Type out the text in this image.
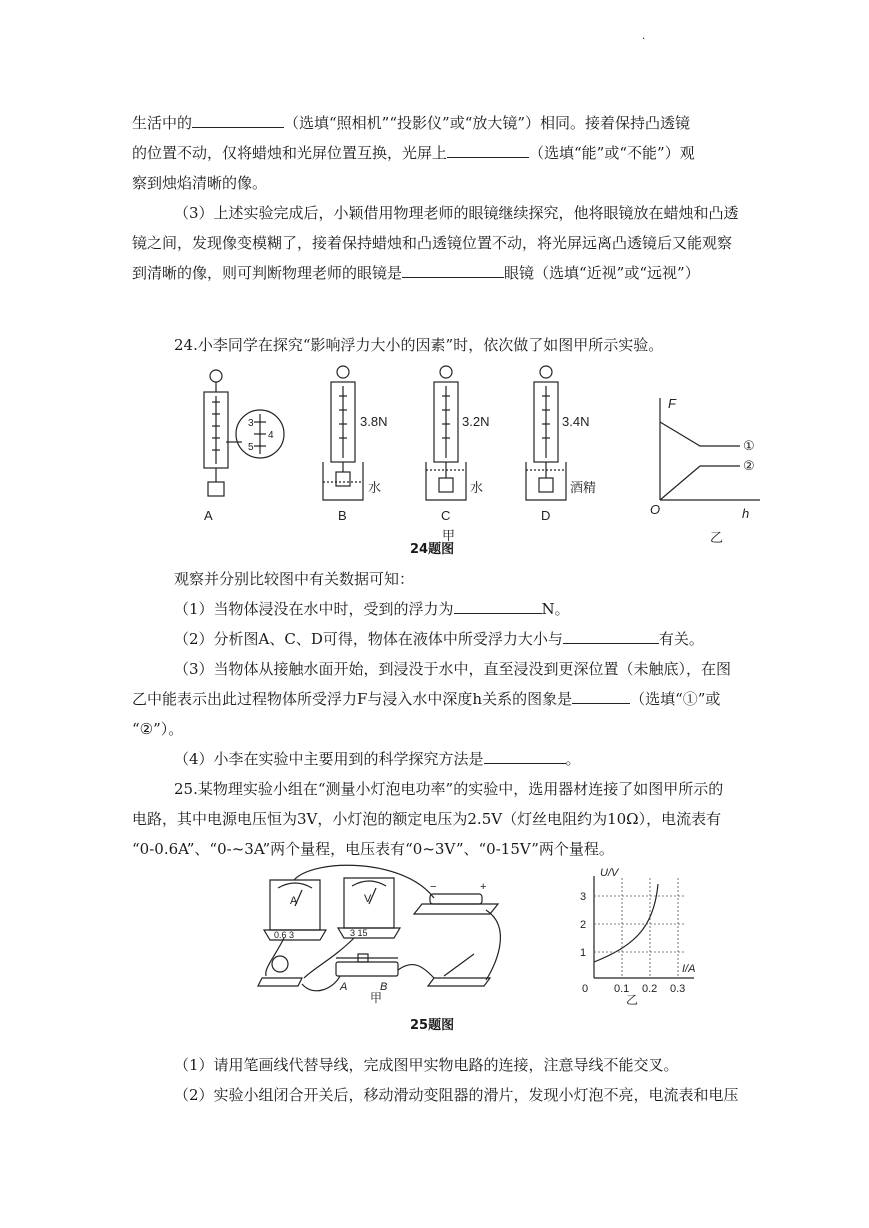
·
生活中的	（选填“照相机”“投影仪”或“放大镜”）相同。接着保持凸透镜
的位置不动，仅将蜡烛和光屏位置互换，光屏上	（选填“能”或“不能”）观
察到烛焰清晰的像。
（3）上述实验完成后，小颖借用物理老师的眼镜继续探究，他将眼镜放在蜡烛和凸透
镜之间，发现像变模糊了，接着保持蜡烛和凸透镜位置不动，将光屏远离凸透镜后又能观察
到清晰的像，则可判断物理老师的眼镜是	眼镜（选填“近视”或“远视”）
24.小李同学在探究“影响浮力大小的因素”时，依次做了如图甲所示实验。
A	B	C	D
3.8N	3.2N	3.4N
水	水	酒精
甲	乙
F
h
O
①
②
3
4
5
24题图
观察并分别比较图中有关数据可知：
（1）当物体浸没在水中时，受到的浮力为	N。
（2）分析图A、C、D可得，物体在液体中所受浮力大小与	有关。
（3）当物体从接触水面开始，到浸没于水中，直至浸没到更深位置（未触底），在图
乙中能表示出此过程物体所受浮力F与浸入水中深度h关系的图象是	（选填“①”或
“②”）。
（4）小李在实验中主要用到的科学探究方法是	。
25.某物理实验小组在“测量小灯泡电功率”的实验中，选用器材连接了如图甲所示的
电路，其中电源电压恒为3V，小灯泡的额定电压为2.5V（灯丝电阻约为10Ω），电流表有
“0-0.6A”、“0-~3A”两个量程，电压表有“0~3V”、“0-15V”两个量程。
A	V
0.6 3	3 15
−	+
A	B
甲
U/V
I/A
1
2
3
0 0.1 0.2 0.3
乙
25题图
（1）请用笔画线代替导线，完成图甲实物电路的连接，注意导线不能交叉。
（2）实验小组闭合开关后，移动滑动变阻器的滑片，发现小灯泡不亮，电流表和电压
